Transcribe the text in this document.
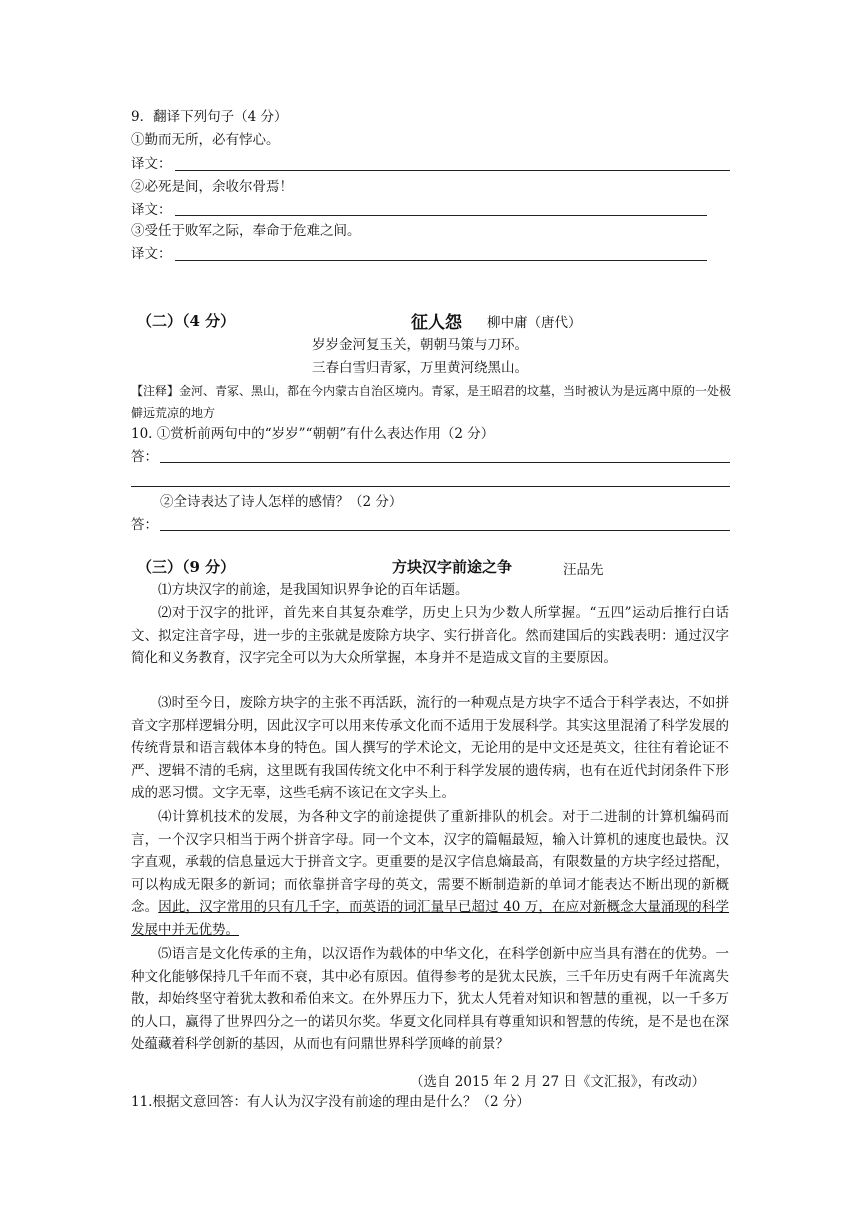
9．翻译下列句子（4 分）
①勤而无所，必有悖心。
译文：
②必死是间，余收尔骨焉！
译文：
③受任于败军之际，奉命于危难之间。
译文：
（二）（4 分）	征人怨 柳中庸（唐代）
岁岁金河复玉关，朝朝马策与刀环。
三春白雪归青冢，万里黄河绕黑山。
【注释】金河、青冢、黑山，都在今内蒙古自治区境内。青冢，是王昭君的坟墓，当时被认为是远离中原的一处极僻远荒凉的地方
10. ①赏析前两句中的“岁岁”“朝朝”有什么表达作用（2 分）
答：
②全诗表达了诗人怎样的感情？（2 分）
答：
（三）（9 分）	方块汉字前途之争	汪品先
⑴方块汉字的前途，是我国知识界争论的百年话题。
⑵对于汉字的批评，首先来自其复杂难学，历史上只为少数人所掌握。“五四”运动后推行白话文、拟定注音字母，进一步的主张就是废除方块字、实行拼音化。然而建国后的实践表明：通过汉字简化和义务教育，汉字完全可以为大众所掌握，本身并不是造成文盲的主要原因。
⑶时至今日，废除方块字的主张不再活跃，流行的一种观点是方块字不适合于科学表达，不如拼音文字那样逻辑分明，因此汉字可以用来传承文化而不适用于发展科学。其实这里混淆了科学发展的传统背景和语言载体本身的特色。国人撰写的学术论文，无论用的是中文还是英文，往往有着论证不严、逻辑不清的毛病，这里既有我国传统文化中不利于科学发展的遗传病，也有在近代封闭条件下形成的恶习惯。文字无辜，这些毛病不该记在文字头上。
⑷计算机技术的发展，为各种文字的前途提供了重新排队的机会。对于二进制的计算机编码而言，一个汉字只相当于两个拼音字母。同一个文本，汉字的篇幅最短，输入计算机的速度也最快。汉字直观，承载的信息量远大于拼音文字。更重要的是汉字信息熵最高，有限数量的方块字经过搭配，可以构成无限多的新词；而依靠拼音字母的英文，需要不断制造新的单词才能表达不断出现的新概念。因此，汉字常用的只有几千字，而英语的词汇量早已超过 40 万，在应对新概念大量涌现的科学发展中并无优势。
⑸语言是文化传承的主角，以汉语作为载体的中华文化，在科学创新中应当具有潜在的优势。一种文化能够保持几千年而不衰，其中必有原因。值得参考的是犹太民族，三千年历史有两千年流离失散，却始终坚守着犹太教和希伯来文。在外界压力下，犹太人凭着对知识和智慧的重视，以一千多万的人口，赢得了世界四分之一的诺贝尔奖。华夏文化同样具有尊重知识和智慧的传统，是不是也在深处蕴藏着科学创新的基因，从而也有问鼎世界科学顶峰的前景？
（选自 2015 年 2 月 27 日《文汇报》，有改动）
11.根据文意回答：有人认为汉字没有前途的理由是什么？（2 分）
